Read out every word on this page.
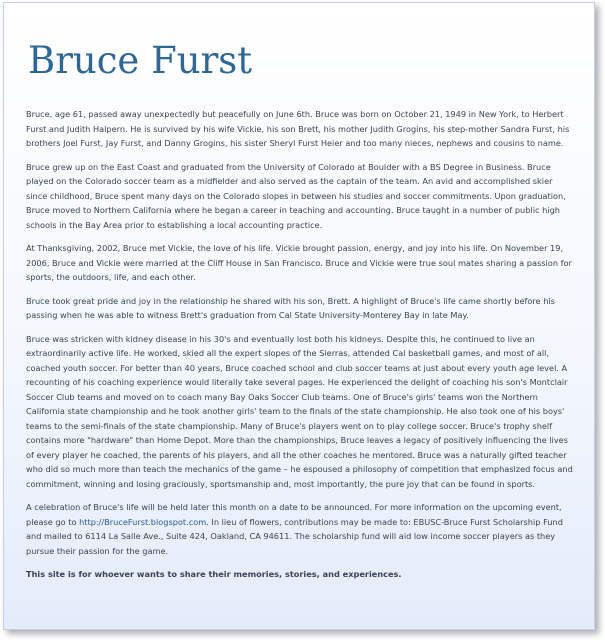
Bruce Furst

Bruce, age 61, passed away unexpectedly but peacefully on June 6th. Bruce was born on October 21, 1949 in New York, to Herbert Furst and Judith Halpern. He is survived by his wife Vickie, his son Brett, his mother Judith Grogins, his step-mother Sandra Furst, his brothers Joel Furst, Jay Furst, and Danny Grogins, his sister Sheryl Furst Heier and too many nieces, nephews and cousins to name.

Bruce grew up on the East Coast and graduated from the University of Colorado at Boulder with a BS Degree in Business. Bruce played on the Colorado soccer team as a midfielder and also served as the captain of the team. An avid and accomplished skier since childhood, Bruce spent many days on the Colorado slopes in between his studies and soccer commitments. Upon graduation, Bruce moved to Northern California where he began a career in teaching and accounting. Bruce taught in a number of public high schools in the Bay Area prior to establishing a local accounting practice.

At Thanksgiving, 2002, Bruce met Vickie, the love of his life. Vickie brought passion, energy, and joy into his life. On November 19, 2006, Bruce and Vickie were married at the Cliff House in San Francisco. Bruce and Vickie were true soul mates sharing a passion for sports, the outdoors, life, and each other.

Bruce took great pride and joy in the relationship he shared with his son, Brett. A highlight of Bruce's life came shortly before his passing when he was able to witness Brett's graduation from Cal State University-Monterey Bay in late May.

Bruce was stricken with kidney disease in his 30's and eventually lost both his kidneys. Despite this, he continued to live an extraordinarily active life. He worked, skied all the expert slopes of the Sierras, attended Cal basketball games, and most of all, coached youth soccer. For better than 40 years, Bruce coached school and club soccer teams at just about every youth age level. A recounting of his coaching experience would literally take several pages. He experienced the delight of coaching his son's Montclair Soccer Club teams and moved on to coach many Bay Oaks Soccer Club teams. One of Bruce's girls' teams won the Northern California state championship and he took another girls' team to the finals of the state championship. He also took one of his boys' teams to the semi-finals of the state championship. Many of Bruce's players went on to play college soccer. Bruce's trophy shelf contains more "hardware" than Home Depot. More than the championships, Bruce leaves a legacy of positively influencing the lives of every player he coached, the parents of his players, and all the other coaches he mentored. Bruce was a naturally gifted teacher who did so much more than teach the mechanics of the game – he espoused a philosophy of competition that emphasized focus and commitment, winning and losing graciously, sportsmanship and, most importantly, the pure joy that can be found in sports.

A celebration of Bruce's life will be held later this month on a date to be announced. For more information on the upcoming event, please go to http://BruceFurst.blogspot.com. In lieu of flowers, contributions may be made to: EBUSC-Bruce Furst Scholarship Fund and mailed to 6114 La Salle Ave., Suite 424, Oakland, CA 94611. The scholarship fund will aid low income soccer players as they pursue their passion for the game.

This site is for whoever wants to share their memories, stories, and experiences.
